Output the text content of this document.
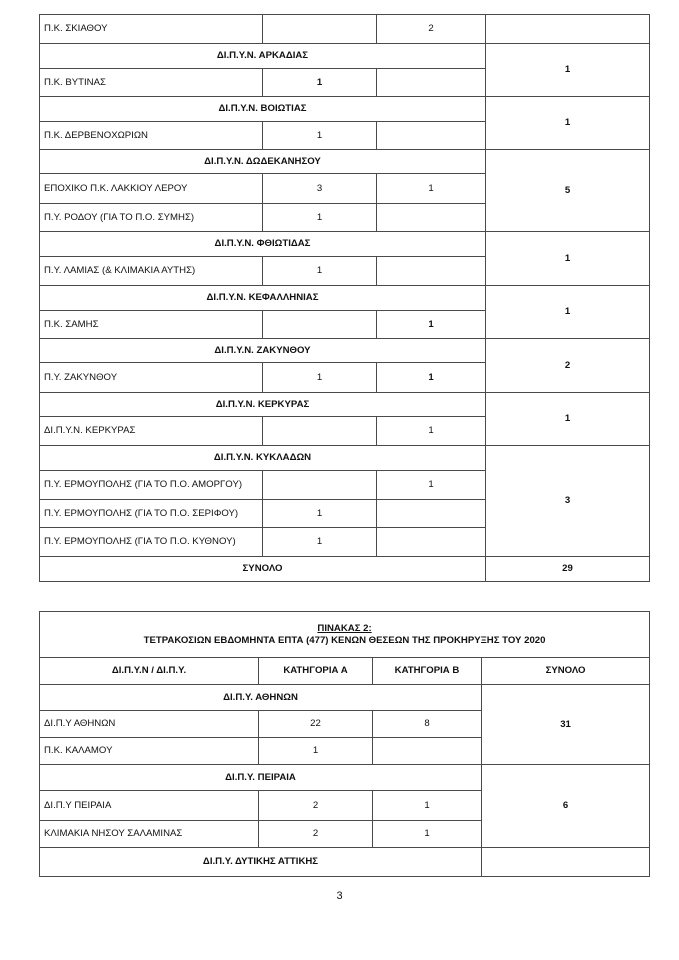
Π.Κ. ΣΚΙΑΘΟΥ		2	
ΔΙ.Π.Υ.Ν. ΑΡΚΑΔΙΑΣ			1
Π.Κ. ΒΥΤΙΝΑΣ	1		
ΔΙ.Π.Υ.Ν. ΒΟΙΩΤΙΑΣ			1
Π.Κ. ΔΕΡΒΕΝΟΧΩΡΙΩΝ	1		
ΔΙ.Π.Υ.Ν. ΔΩΔΕΚΑΝΗΣΟΥ			5
ΕΠΟΧΙΚΟ Π.Κ. ΛΑΚΚΙΟΥ ΛΕΡΟΥ	3	1	
Π.Υ. ΡΟΔΟΥ (ΓΙΑ ΤΟ Π.Ο. ΣΥΜΗΣ)	1		
ΔΙ.Π.Υ.Ν. ΦΘΙΩΤΙΔΑΣ			1
Π.Υ. ΛΑΜΙΑΣ (& ΚΛΙΜΑΚΙΑ ΑΥΤΗΣ)	1		
ΔΙ.Π.Υ.Ν. ΚΕΦΑΛΛΗΝΙΑΣ			1
Π.Κ. ΣΑΜΗΣ		1	
ΔΙ.Π.Υ.Ν. ΖΑΚΥΝΘΟΥ			2
Π.Υ. ΖΑΚΥΝΘΟΥ	1	1	
ΔΙ.Π.Υ.Ν. ΚΕΡΚΥΡΑΣ			1
ΔΙ.Π.Υ.Ν. ΚΕΡΚΥΡΑΣ		1	
ΔΙ.Π.Υ.Ν. ΚΥΚΛΑΔΩΝ			3
Π.Υ. ΕΡΜΟΥΠΟΛΗΣ (ΓΙΑ ΤΟ Π.Ο. ΑΜΟΡΓΟΥ)		1	
Π.Υ. ΕΡΜΟΥΠΟΛΗΣ (ΓΙΑ ΤΟ Π.Ο. ΣΕΡΙΦΟΥ)	1		
Π.Υ. ΕΡΜΟΥΠΟΛΗΣ (ΓΙΑ ΤΟ Π.Ο. ΚΥΘΝΟΥ)	1		
ΣΥΝΟΛΟ			29
ΠΙΝΑΚΑΣ 2:
ΤΕΤΡΑΚΟΣΙΩΝ ΕΒΔΟΜΗΝΤΑ ΕΠΤΑ (477) ΚΕΝΩΝ ΘΕΣΕΩΝ ΤΗΣ ΠΡΟΚΗΡΥΞΗΣ ΤΟΥ 2020			

ΔΙ.Π.Υ.Ν / ΔΙ.Π.Υ.	ΚΑΤΗΓΟΡΙΑ Α	ΚΑΤΗΓΟΡΙΑ Β	ΣΥΝΟΛΟ
ΔΙ.Π.Υ. ΑΘΗΝΩΝ			31
ΔΙ.Π.Υ ΑΘΗΝΩΝ	22	8	
Π.Κ. ΚΑΛΑΜΟΥ	1		
ΔΙ.Π.Υ. ΠΕΙΡΑΙΑ			6
ΔΙ.Π.Υ ΠΕΙΡΑΙΑ	2	1	
ΚΛΙΜΑΚΙΑ ΝΗΣΟΥ ΣΑΛΑΜΙΝΑΣ	2	1	
ΔΙ.Π.Υ. ΔΥΤΙΚΗΣ ΑΤΤΙΚΗΣ			
3
